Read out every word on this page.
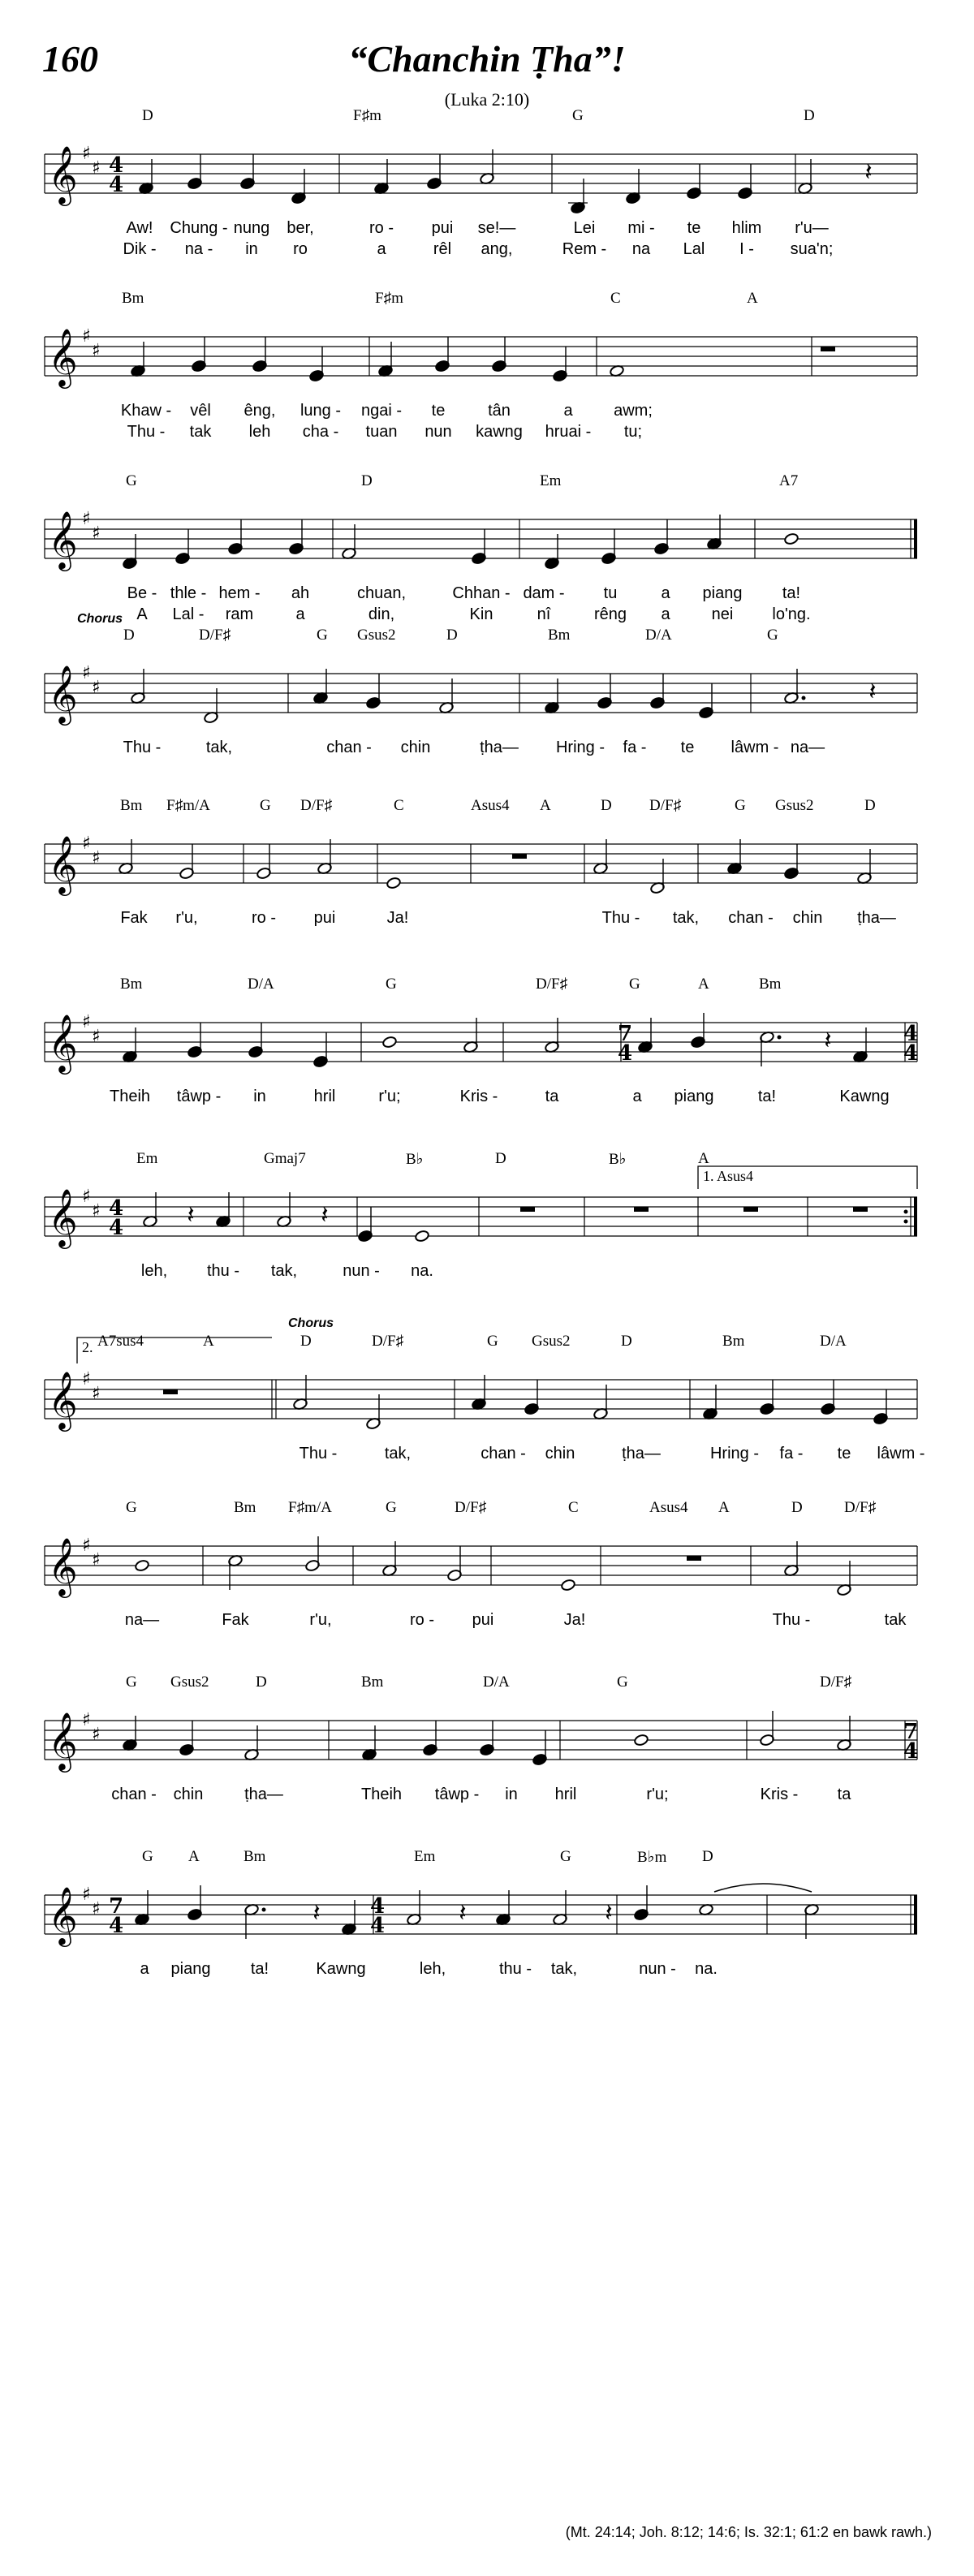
160	“Chanchin Ṭha”!
(Luka 2:10)
𝄞 ♯
♯ 4
4	𝄽
D	F♯m	G	D
Aw! Chung - nung ber,	ro - pui se!—	Lei mi - te hlim r'u—
Dik - na - in ro	a	rêl ang,	Rem - na Lal I - sua'n;
𝄞 ♯
♯
Bm	F♯m	C	A
Khaw - vêl êng, lung - ngai - te	tân	a	awm;
Thu - tak leh cha - tuan nun kawng hruai - tu;
𝄞 ♯
♯
G	D	Em	A7
Be - thle - hem - ah	chuan,	Chhan - dam - tu	a piang ta!
A Lal - ram	a	din,	Kin	nî	rêng a	nei lo'ng.
𝄞 ♯
♯	𝄽
D	D/F♯	G Gsus2	D	Bm	D/A	G
Thu -	tak,	chan - chin	ṭha— Hring - fa - te lâwm - na—
Chorus
𝄞 ♯
♯
Bm F♯m/A	G D/F♯	C	Asus4 A	D D/F♯	G Gsus2	D
Fak r'u,	ro - pui	Ja!	Thu - tak, chan - chin ṭha—
𝄞 ♯
♯	7
4
4
4
𝄽
Bm	D/A	G	D/F♯	G	A	Bm
Theih tâwp - in	hril	r'u;	Kris -	ta	a piang	ta!	Kawng
𝄞 ♯
♯ 4
4	𝄽	𝄽
Em	Gmaj7	B♭	D	B♭	A
leh, thu - tak,	nun - na.
1. Asus4
𝄞 ♯
♯
A7sus4	A	D	D/F♯	G Gsus2	D	Bm	D/A
Thu -	tak,	chan - chin	ṭha—	Hring - fa - te lâwm -
Chorus
2.
𝄞 ♯
♯
G	Bm F♯m/A	G	D/F♯	C	Asus4 A	D	D/F♯
na—	Fak	r'u,	ro - pui	Ja!	Thu -	tak
𝄞 ♯
♯	7
4
G Gsus2	D	Bm	D/A	G	D/F♯
chan - chin	ṭha—	Theih tâwp - in hril	r'u;	Kris - ta
𝄞 ♯
♯ 7
4
4
4
𝄽	𝄽	𝄽
G A	Bm	Em	G	B♭m D
a piang ta!	Kawng	leh,	thu - tak,	nun - na.
(Mt. 24:14; Joh. 8:12; 14:6; Is. 32:1; 61:2 en bawk rawh.)
